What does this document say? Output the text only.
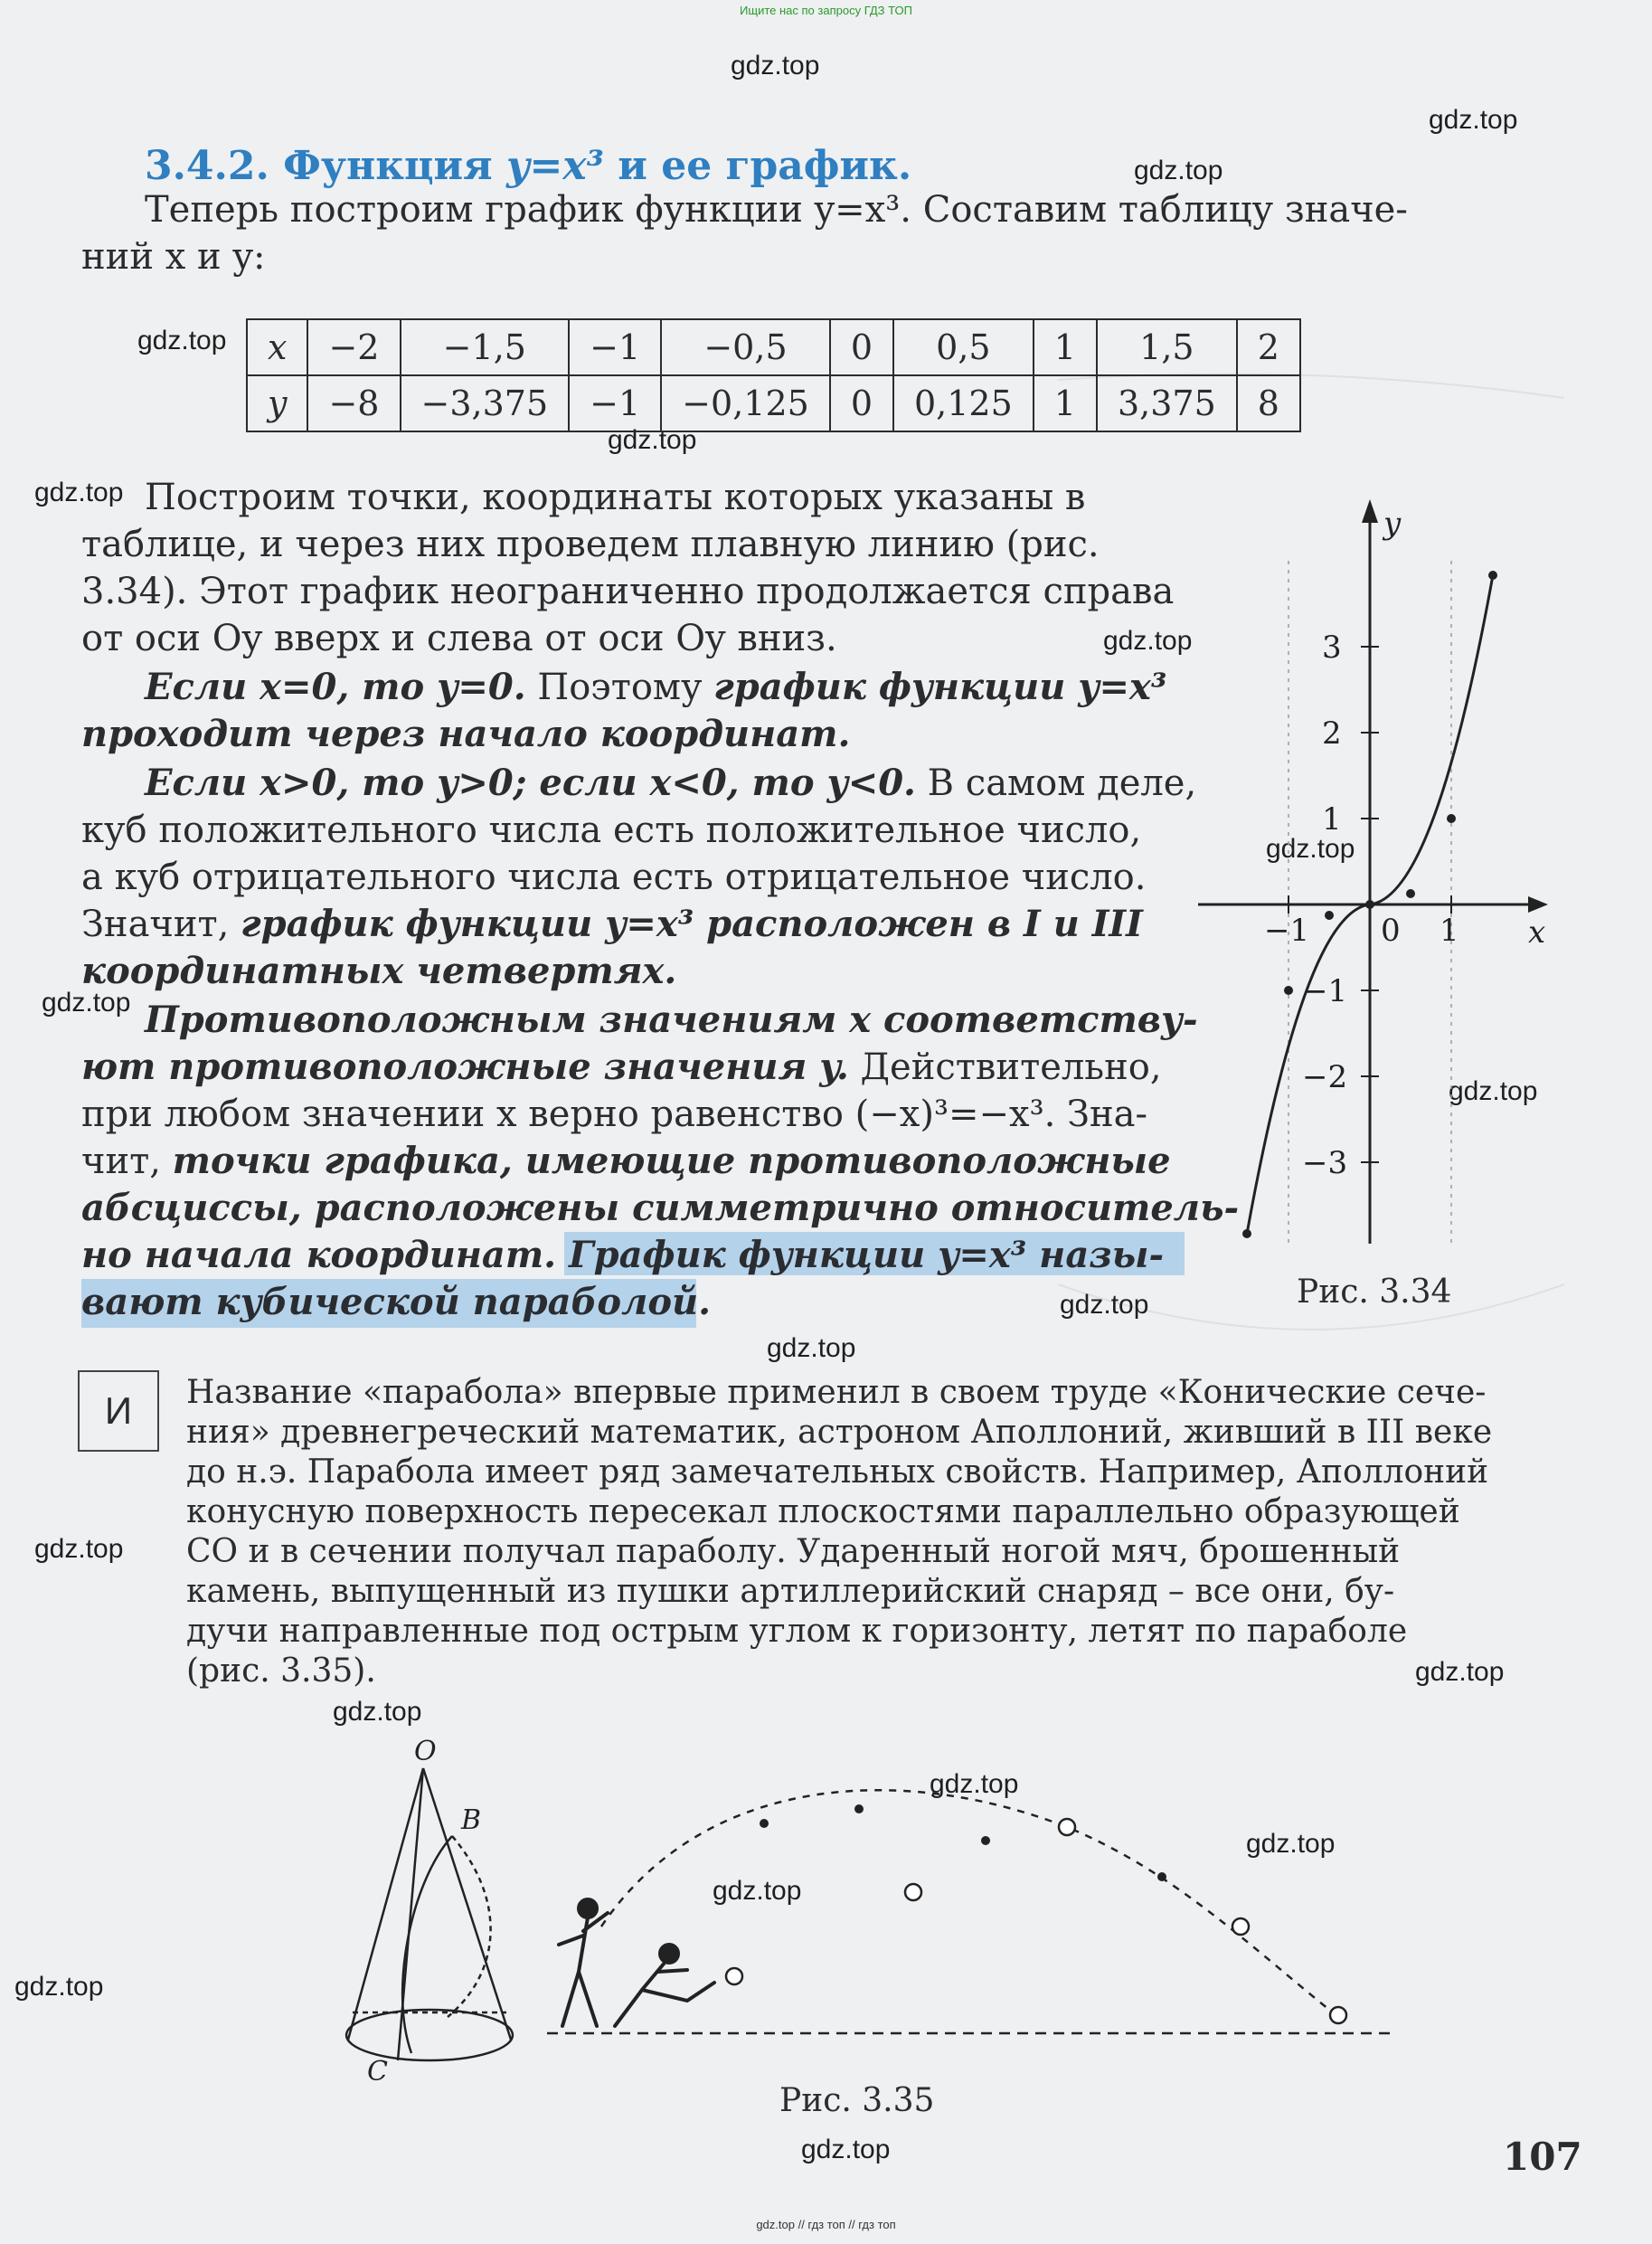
Ищите нас по запросу ГДЗ ТОП
gdz.top
gdz.top
gdz.top
gdz.top
gdz.top
gdz.top
gdz.top
gdz.top
gdz.top
gdz.top
gdz.top
gdz.top
gdz.top
gdz.top
gdz.top
gdz.top
gdz.top
gdz.top
gdz.top
gdz.top
3.4.2. Функция y=x³ и ее график.
Теперь построим график функции y=x³. Составим таблицу значе-
ний x и y:
x	−2	−1,5	−1	−0,5	0	0,5	1	1,5	2
y	−8	−3,375	−1	−0,125	0	0,125	1	3,375	8
Построим точки, координаты которых указаны в
таблице, и через них проведем плавную линию (рис.
3.34). Этот график неограниченно продолжается справа
от оси Oy вверх и слева от оси Oy вниз.
Если x=0, то y=0. Поэтому график функции y=x³
проходит через начало координат.
Если x>0, то y>0; если x<0, то y<0. В самом деле,
куб положительного числа есть положительное число,
а куб отрицательного числа есть отрицательное число.
Значит, график функции y=x³ расположен в I и III
координатных четвертях.
Противоположным значениям x соответству-
ют противоположные значения y. Действительно,
при любом значении x верно равенство (−x)³=−x³. Зна-
чит, точки графика, имеющие противоположные
абсциссы, расположены симметрично относитель-
но начала координат. График функции y=x³ назы-
вают кубической параболой.
y
x
0
3
2
1
−1
−2
−3
−1	1
Рис. 3.34
И	Название «парабола» впервые применил в своем труде «Конические сече-
ния» древнегреческий математик, астроном Аполлоний, живший в III веке
до н.э. Парабола имеет ряд замечательных свойств. Например, Аполлоний
конусную поверхность пересекал плоскостями параллельно образующей
CO и в сечении получал параболу. Ударенный ногой мяч, брошенный
камень, выпущенный из пушки артиллерийский снаряд – все они, бу-
дучи направленные под острым углом к горизонту, летят по параболе
(рис. 3.35).
O
B
C
Рис. 3.35
107
gdz.top // гдз топ // гдз топ
